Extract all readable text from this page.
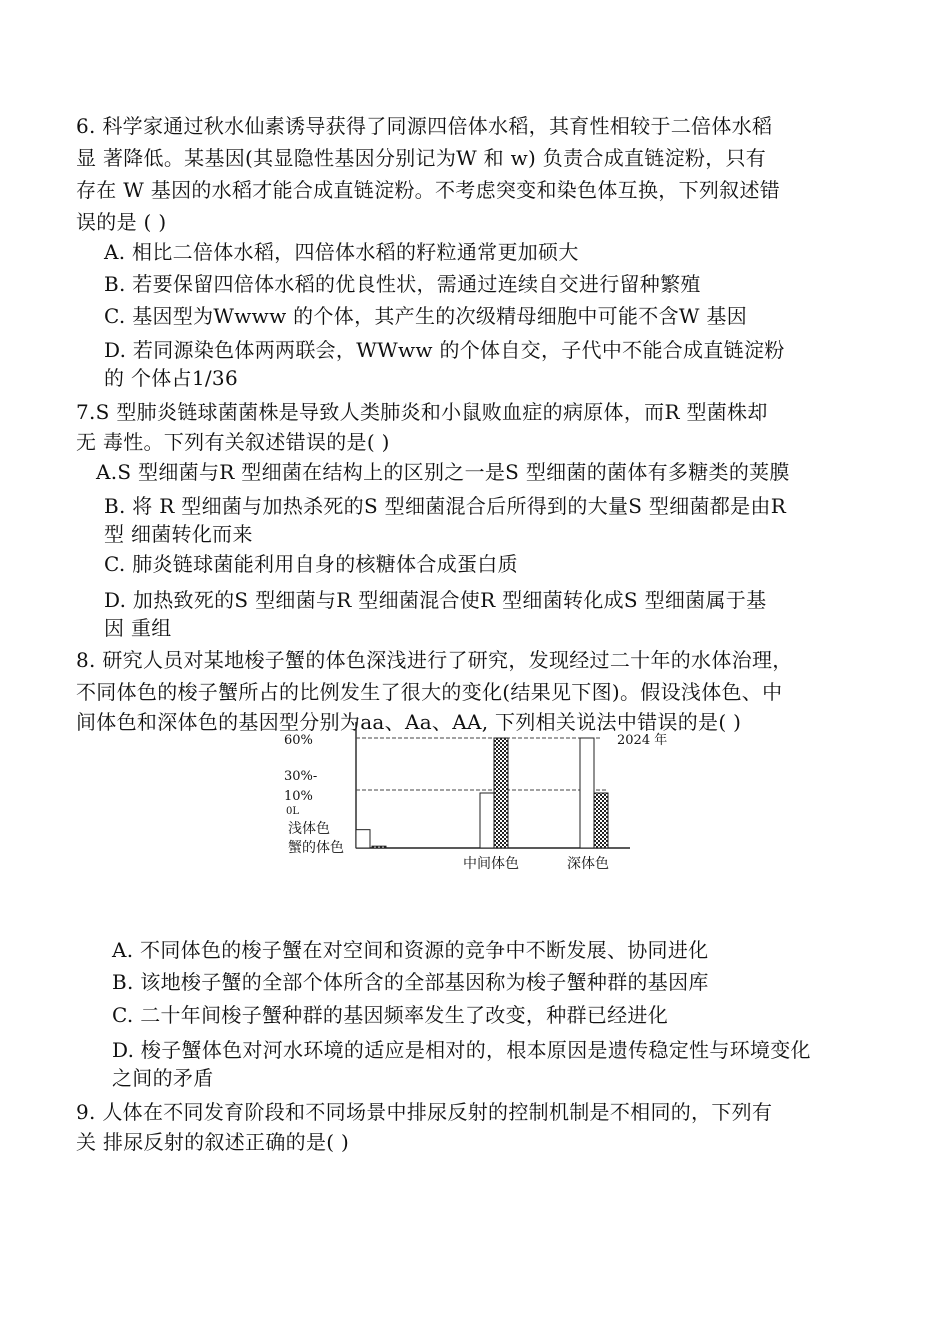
6. 科学家通过秋水仙素诱导获得了同源四倍体水稻，其育性相较于二倍体水稻
显 著降低。某基因(其显隐性基因分别记为W 和 w) 负责合成直链淀粉，只有
存在 W 基因的水稻才能合成直链淀粉。不考虑突变和染色体互换，下列叙述错
误的是 ( )
A. 相比二倍体水稻，四倍体水稻的籽粒通常更加硕大
B. 若要保留四倍体水稻的优良性状，需通过连续自交进行留种繁殖
C. 基因型为Wwww 的个体，其产生的次级精母细胞中可能不含W 基因
D. 若同源染色体两两联会，WWww 的个体自交，子代中不能合成直链淀粉
的 个体占1/36
7.S 型肺炎链球菌菌株是导致人类肺炎和小鼠败血症的病原体，而R 型菌株却
无 毒性。下列有关叙述错误的是( )
A.S 型细菌与R 型细菌在结构上的区别之一是S 型细菌的菌体有多糖类的荚膜
B. 将 R 型细菌与加热杀死的S 型细菌混合后所得到的大量S 型细菌都是由R
型 细菌转化而来
C. 肺炎链球菌能利用自身的核糖体合成蛋白质
D. 加热致死的S 型细菌与R 型细菌混合使R 型细菌转化成S 型细菌属于基
因 重组
8. 研究人员对某地梭子蟹的体色深浅进行了研究，发现经过二十年的水体治理，
不同体色的梭子蟹所占的比例发生了很大的变化(结果见下图)。假设浅体色、中
间体色和深体色的基因型分别为aa、Aa、AA, 下列相关说法中错误的是( )
60%
30%-
10%
0L
浅体色
蟹的体色
中间体色	深体色
2024 年
A. 不同体色的梭子蟹在对空间和资源的竞争中不断发展、协同进化
B. 该地梭子蟹的全部个体所含的全部基因称为梭子蟹种群的基因库
C. 二十年间梭子蟹种群的基因频率发生了改变，种群已经进化
D. 梭子蟹体色对河水环境的适应是相对的，根本原因是遗传稳定性与环境变化
之间的矛盾
9. 人体在不同发育阶段和不同场景中排尿反射的控制机制是不相同的，下列有
关 排尿反射的叙述正确的是( )
